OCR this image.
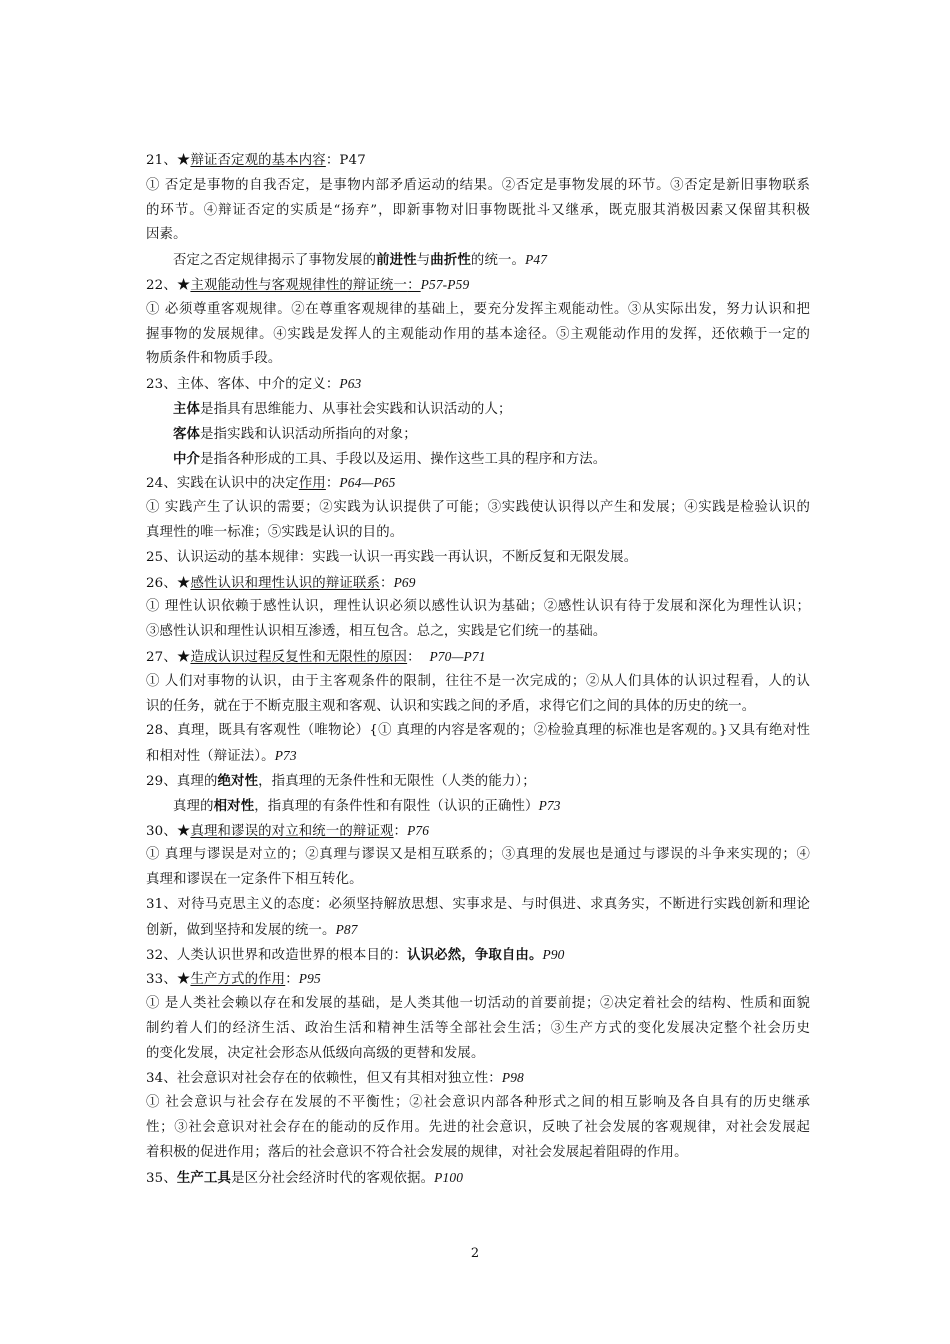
21、★辩证否定观的基本内容：P47
① 否定是事物的自我否定，是事物内部矛盾运动的结果。②否定是事物发展的环节。③否定是新旧事物联系
的环节。④辩证否定的实质是“扬弃”，即新事物对旧事物既批斗又继承，既克服其消极因素又保留其积极
因素。
否定之否定规律揭示了事物发展的前进性与曲折性的统一。P47
22、★主观能动性与客观规律性的辩证统一：P57-P59
① 必须尊重客观规律。②在尊重客观规律的基础上，要充分发挥主观能动性。③从实际出发，努力认识和把
握事物的发展规律。④实践是发挥人的主观能动作用的基本途径。⑤主观能动作用的发挥，还依赖于一定的
物质条件和物质手段。
23、主体、客体、中介的定义：P63
主体是指具有思维能力、从事社会实践和认识活动的人；
客体是指实践和认识活动所指向的对象；
中介是指各种形成的工具、手段以及运用、操作这些工具的程序和方法。
24、实践在认识中的决定作用：P64—P65
① 实践产生了认识的需要；②实践为认识提供了可能；③实践使认识得以产生和发展；④实践是检验认识的
真理性的唯一标准；⑤实践是认识的目的。
25、认识运动的基本规律：实践一认识一再实践一再认识，不断反复和无限发展。
26、★感性认识和理性认识的辩证联系：P69
① 理性认识依赖于感性认识，理性认识必须以感性认识为基础；②感性认识有待于发展和深化为理性认识；
③感性认识和理性认识相互渗透，相互包含。总之，实践是它们统一的基础。
27、★造成认识过程反复性和无限性的原因： P70—P71
① 人们对事物的认识，由于主客观条件的限制，往往不是一次完成的；②从人们具体的认识过程看，人的认
识的任务，就在于不断克服主观和客观、认识和实践之间的矛盾，求得它们之间的具体的历史的统一。
28、真理，既具有客观性（唯物论）{① 真理的内容是客观的；②检验真理的标准也是客观的。}又具有绝对性
和相对性（辩证法）。P73
29、真理的绝对性，指真理的无条件性和无限性（人类的能力）；
真理的相对性，指真理的有条件性和有限性（认识的正确性）P73
30、★真理和谬误的对立和统一的辩证观：P76
① 真理与谬误是对立的；②真理与谬误又是相互联系的；③真理的发展也是通过与谬误的斗争来实现的；④
真理和谬误在一定条件下相互转化。
31、对待马克思主义的态度：必须坚持解放思想、实事求是、与时俱进、求真务实，不断进行实践创新和理论
创新，做到坚持和发展的统一。P87
32、人类认识世界和改造世界的根本目的：认识必然，争取自由。P90
33、★生产方式的作用：P95
① 是人类社会赖以存在和发展的基础，是人类其他一切活动的首要前提；②决定着社会的结构、性质和面貌
制约着人们的经济生活、政治生活和精神生活等全部社会生活；③生产方式的变化发展决定整个社会历史
的变化发展，决定社会形态从低级向高级的更替和发展。
34、社会意识对社会存在的依赖性，但又有其相对独立性：P98
① 社会意识与社会存在发展的不平衡性；②社会意识内部各种形式之间的相互影响及各自具有的历史继承
性；③社会意识对社会存在的能动的反作用。先进的社会意识，反映了社会发展的客观规律，对社会发展起
着积极的促进作用；落后的社会意识不符合社会发展的规律，对社会发展起着阻碍的作用。
35、生产工具是区分社会经济时代的客观依据。P100
2
